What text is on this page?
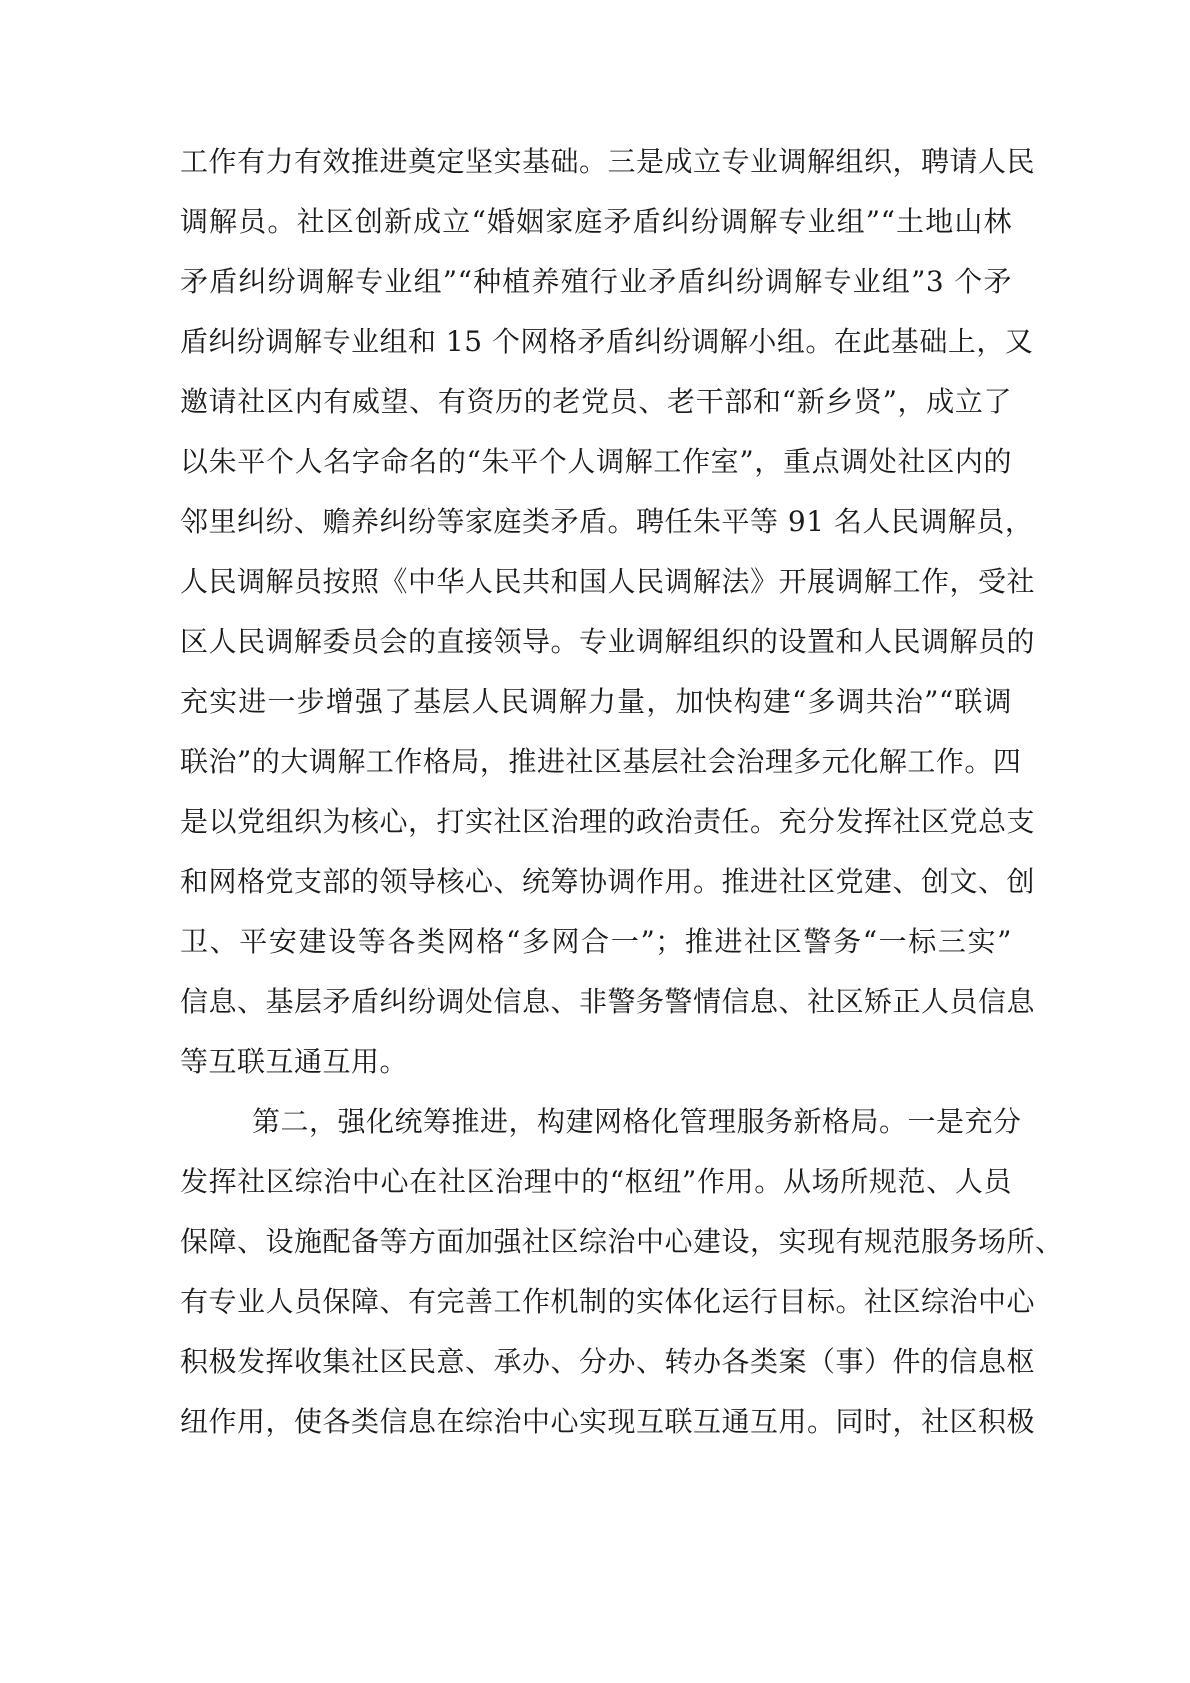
工作有力有效推进奠定坚实基础。三是成立专业调解组织，聘请人民
调解员。社区创新成立“婚姻家庭矛盾纠纷调解专业组”“土地山林
矛盾纠纷调解专业组”“种植养殖行业矛盾纠纷调解专业组”3 个矛
盾纠纷调解专业组和 15 个网格矛盾纠纷调解小组。在此基础上，又
邀请社区内有威望、有资历的老党员、老干部和“新乡贤”，成立了
以朱平个人名字命名的“朱平个人调解工作室”，重点调处社区内的
邻里纠纷、赡养纠纷等家庭类矛盾。聘任朱平等 91 名人民调解员，
人民调解员按照《中华人民共和国人民调解法》开展调解工作，受社
区人民调解委员会的直接领导。专业调解组织的设置和人民调解员的
充实进一步增强了基层人民调解力量，加快构建“多调共治”“联调
联治”的大调解工作格局，推进社区基层社会治理多元化解工作。四
是以党组织为核心，打实社区治理的政治责任。充分发挥社区党总支
和网格党支部的领导核心、统筹协调作用。推进社区党建、创文、创
卫、平安建设等各类网格“多网合一”；推进社区警务“一标三实”
信息、基层矛盾纠纷调处信息、非警务警情信息、社区矫正人员信息
等互联互通互用。
第二，强化统筹推进，构建网格化管理服务新格局。一是充分
发挥社区综治中心在社区治理中的“枢纽”作用。从场所规范、人员
保障、设施配备等方面加强社区综治中心建设，实现有规范服务场所、
有专业人员保障、有完善工作机制的实体化运行目标。社区综治中心
积极发挥收集社区民意、承办、分办、转办各类案（事）件的信息枢
纽作用，使各类信息在综治中心实现互联互通互用。同时，社区积极
